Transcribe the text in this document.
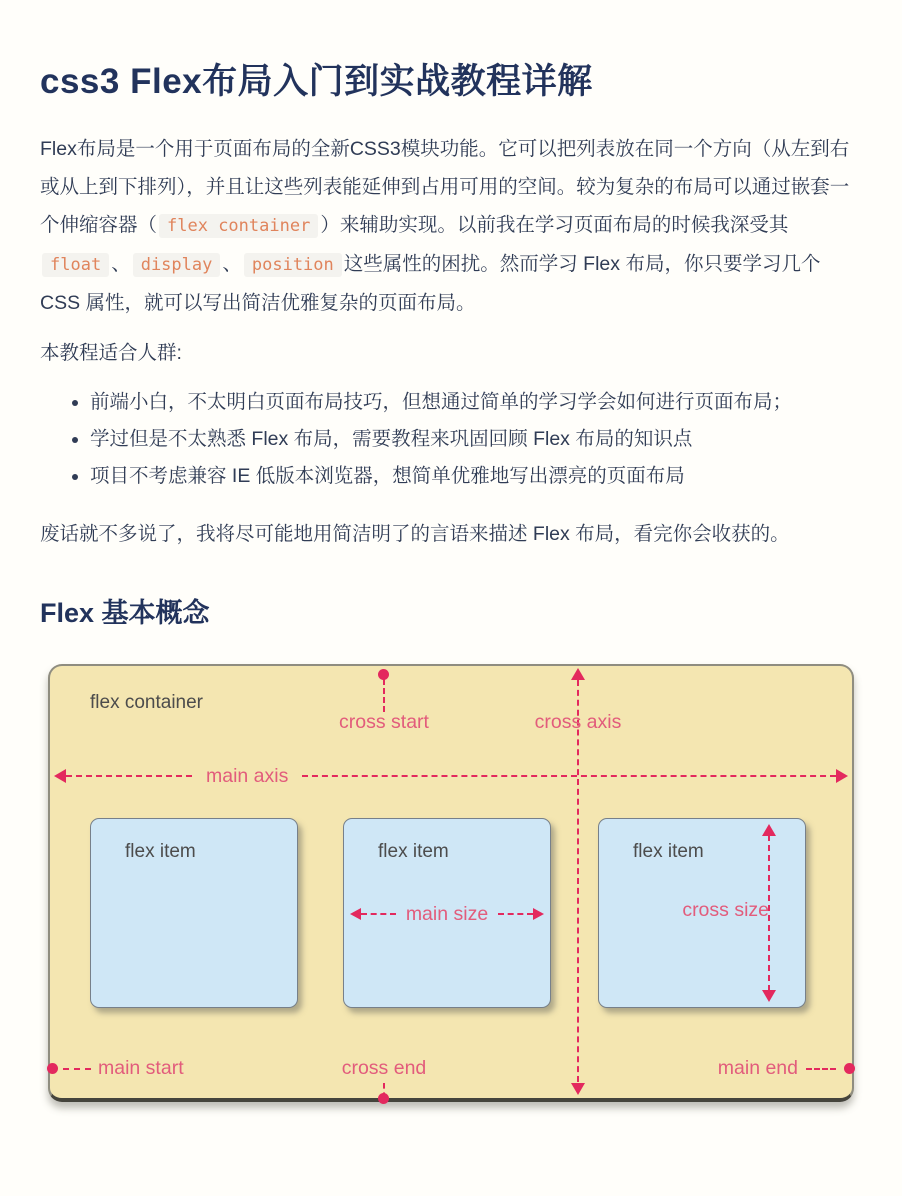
css3 Flex布局入门到实战教程详解

Flex布局是一个用于页面布局的全新CSS3模块功能。它可以把列表放在同一个方向（从左到右或从上到下排列），并且让这些列表能延伸到占用可用的空间。较为复杂的布局可以通过嵌套一个伸缩容器（ flex container ）来辅助实现。以前我在学习页面布局的时候我深受其float 、 display 、 position 这些属性的困扰。然而学习 Flex 布局，你只要学习几个 CSS 属性，就可以写出简洁优雅复杂的页面布局。

本教程适合人群:

• 前端小白，不太明白页面布局技巧，但想通过简单的学习学会如何进行页面布局；
• 学过但是不太熟悉 Flex 布局，需要教程来巩固回顾 Flex 布局的知识点
• 项目不考虑兼容 IE 低版本浏览器，想简单优雅地写出漂亮的页面布局

废话就不多说了，我将尽可能地用简洁明了的言语来描述 Flex 布局，看完你会收获的。

Flex 基本概念
flex container
cross start	cross axis
main axis
flex item	flex item
main size
flex item
cross size
main start	cross end	main end
